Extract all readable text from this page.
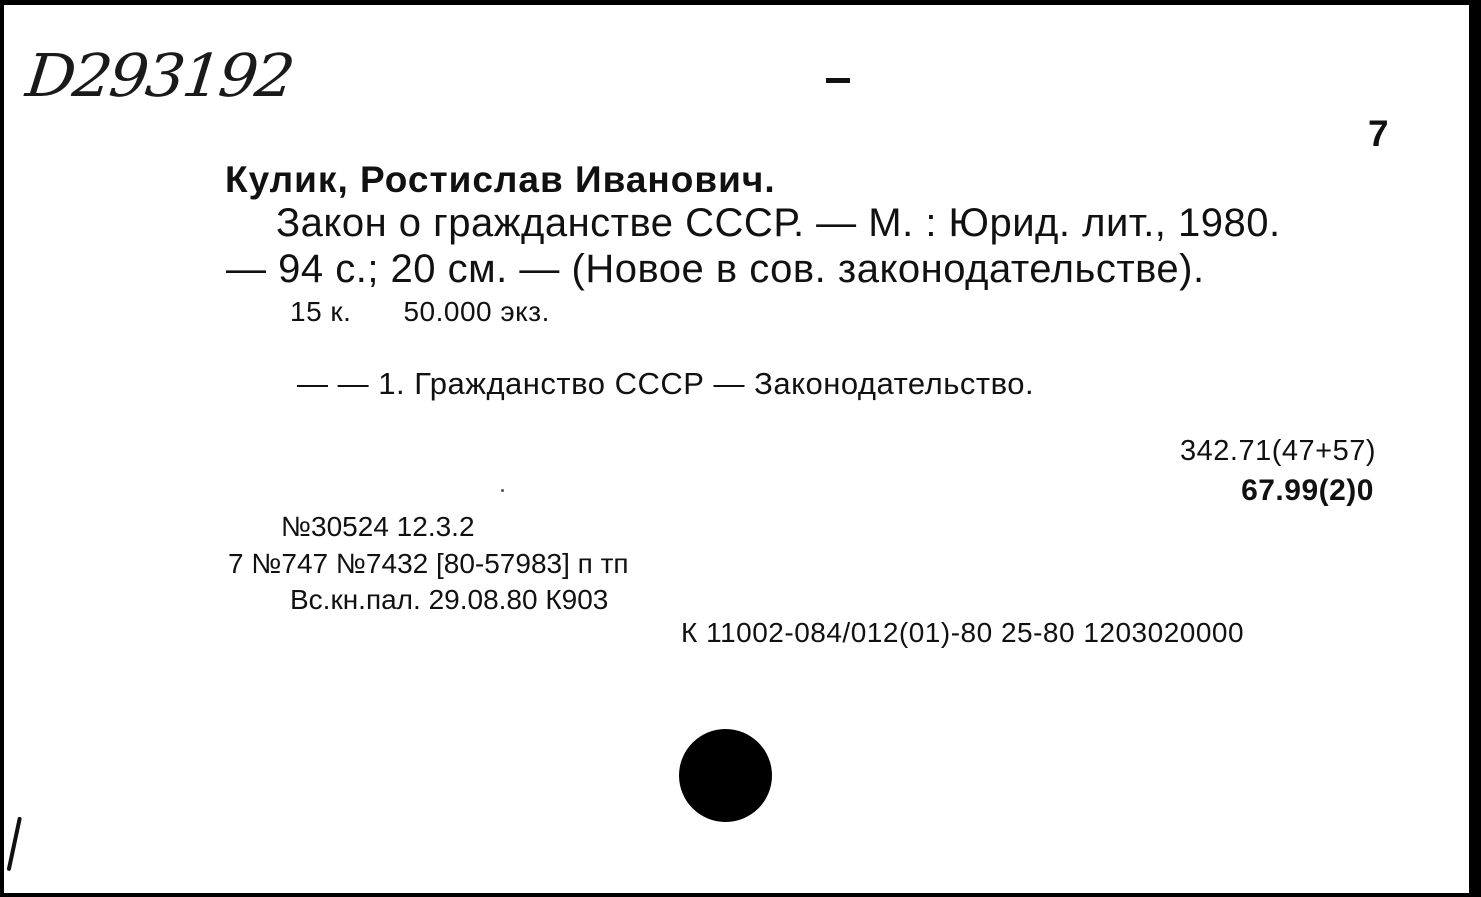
D293192
7
Кулик, Ростислав Иванович.
Закон о гражданстве СССР. — М. : Юрид. лит., 1980.
— 94 с.; 20 см. — (Новое в сов. законодательстве).
15 к. 50.000 экз.
— — 1. Гражданство СССР — Законодательство.
342.71(47+57)
67.99(2)0
№30524 12.3.2
7 №747 №7432 [80-57983] п тп
Вс.кн.пал. 29.08.80 К903
К 11002-084/012(01)-80 25-80 1203020000
